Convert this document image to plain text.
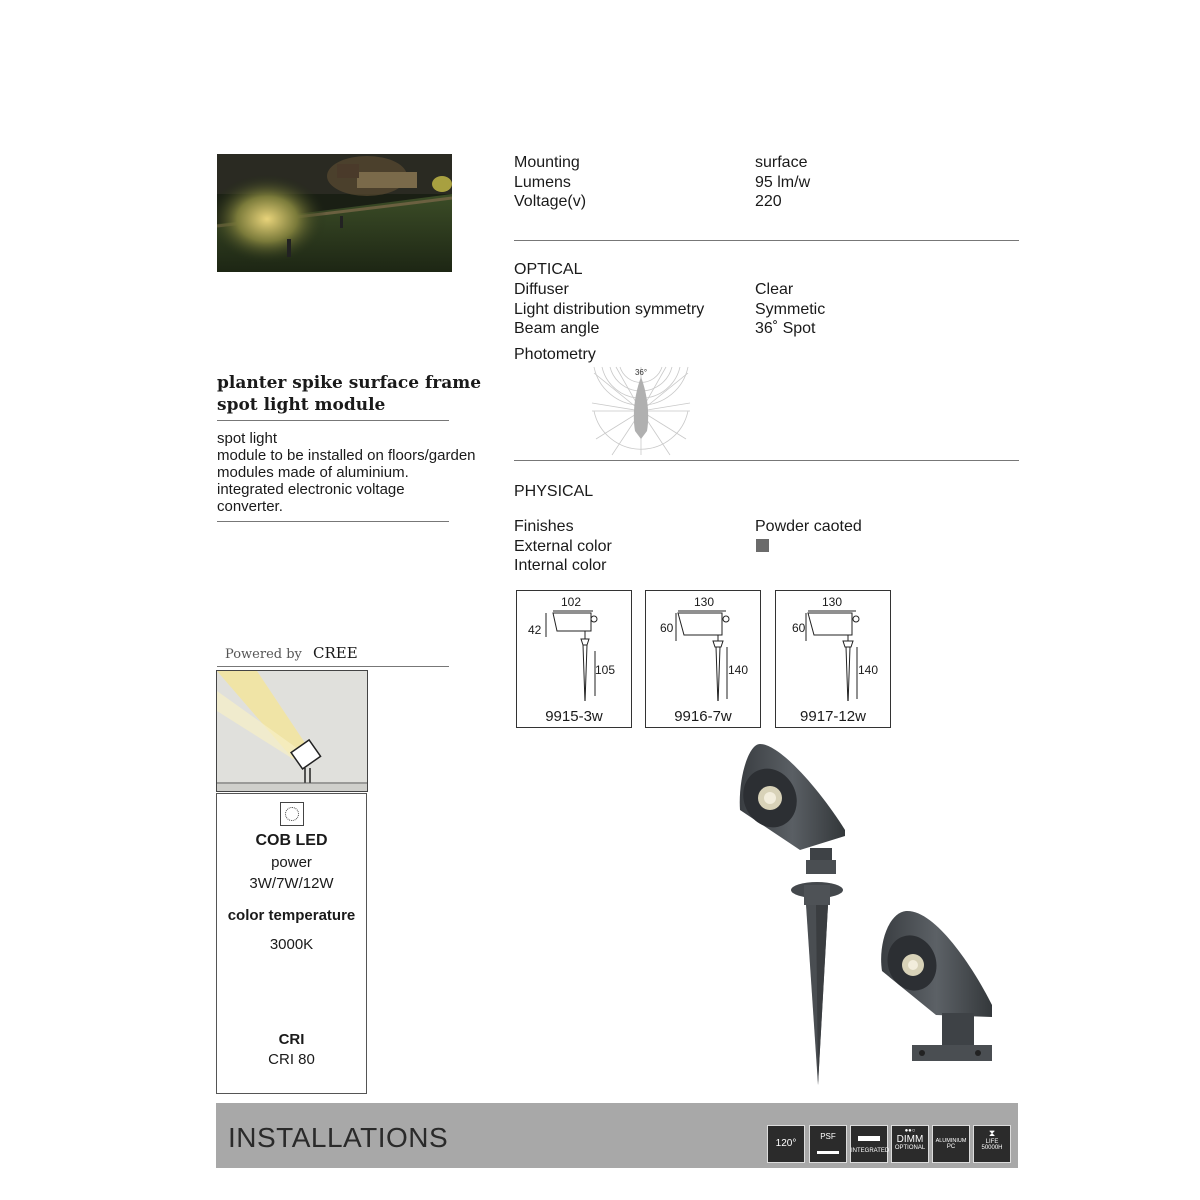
Mounting
Lumens
Voltage(v)
surface
95 lm/w
220
OPTICAL
Diffuser
Light distribution symmetry
Beam angle
Clear
Symmetic
36˚ Spot
Photometry
36°
PHYSICAL
Finishes
External color
Internal color
Powder caoted
102
42
105
9915-3w
130
60
140
9916-7w
130
60
140
9917-12w
planter spike surface frame
spot light module
spot light
module to be installed on floors/garden
modules made of aluminium.
integrated electronic voltage
converter.
Powered by CREE
COB LED
power
3W/7W/12W
color temperature
3000K
CRI
CRI 80
INSTALLATIONS	120°
PSF
INTEGRATED
●●○
DIMM
OPTIONAL
ALUMINIUM
PC
⧗
LIFE
50000H
